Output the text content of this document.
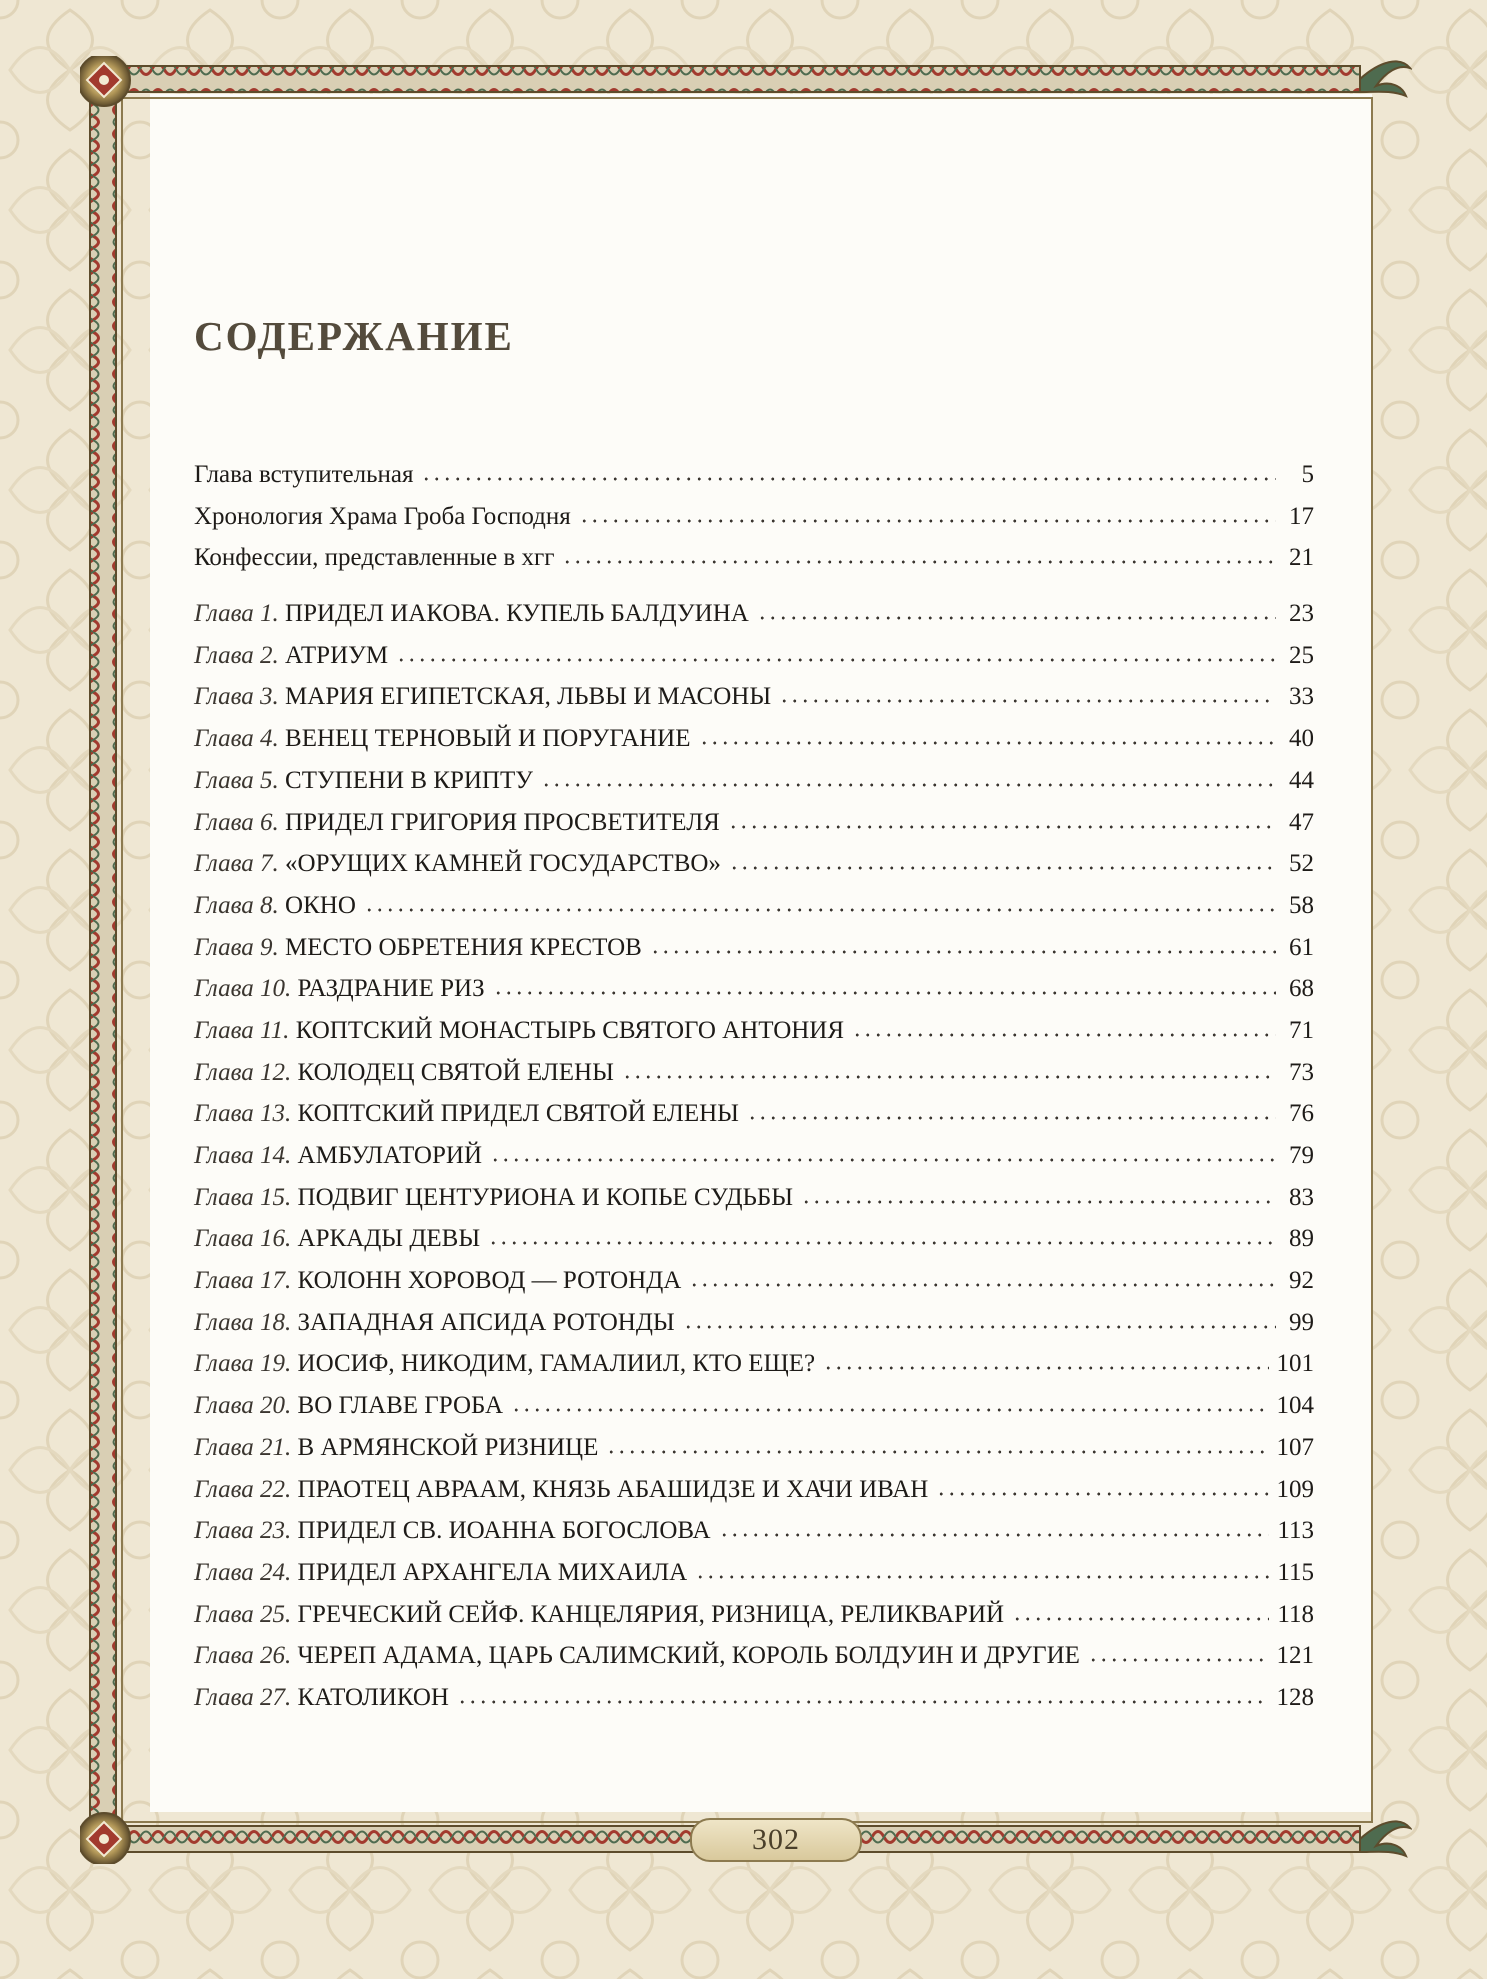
СОДЕРЖАНИЕ
Глава вступительная	5
Хронология Храма Гроба Господня	17
Конфессии, представленные в хгг	21
Глава 1. ПРИДЕЛ ИАКОВА. КУПЕЛЬ БАЛДУИНА	23
Глава 2. АТРИУМ	25
Глава 3. МАРИЯ ЕГИПЕТСКАЯ, ЛЬВЫ И МАСОНЫ	33
Глава 4. ВЕНЕЦ ТЕРНОВЫЙ И ПОРУГАНИЕ	40
Глава 5. СТУПЕНИ В КРИПТУ	44
Глава 6. ПРИДЕЛ ГРИГОРИЯ ПРОСВЕТИТЕЛЯ	47
Глава 7. «ОРУЩИХ КАМНЕЙ ГОСУДАРСТВО»	52
Глава 8. ОКНО	58
Глава 9. МЕСТО ОБРЕТЕНИЯ КРЕСТОВ	61
Глава 10. РАЗДРАНИЕ РИЗ	68
Глава 11. КОПТСКИЙ МОНАСТЫРЬ СВЯТОГО АНТОНИЯ	71
Глава 12. КОЛОДЕЦ СВЯТОЙ ЕЛЕНЫ	73
Глава 13. КОПТСКИЙ ПРИДЕЛ СВЯТОЙ ЕЛЕНЫ	76
Глава 14. АМБУЛАТОРИЙ	79
Глава 15. ПОДВИГ ЦЕНТУРИОНА И КОПЬЕ СУДЬБЫ	83
Глава 16. АРКАДЫ ДЕВЫ	89
Глава 17. КОЛОНН ХОРОВОД — РОТОНДА	92
Глава 18. ЗАПАДНАЯ АПСИДА РОТОНДЫ	99
Глава 19. ИОСИФ, НИКОДИМ, ГАМАЛИИЛ, КТО ЕЩЕ?	101
Глава 20. ВО ГЛАВЕ ГРОБА	104
Глава 21. В АРМЯНСКОЙ РИЗНИЦЕ	107
Глава 22. ПРАОТЕЦ АВРААМ, КНЯЗЬ АБАШИДЗЕ И ХАЧИ ИВАН	109
Глава 23. ПРИДЕЛ СВ. ИОАННА БОГОСЛОВА	113
Глава 24. ПРИДЕЛ АРХАНГЕЛА МИХАИЛА	115
Глава 25. ГРЕЧЕСКИЙ СЕЙФ. КАНЦЕЛЯРИЯ, РИЗНИЦА, РЕЛИКВАРИЙ	118
Глава 26. ЧЕРЕП АДАМА, ЦАРЬ САЛИМСКИЙ, КОРОЛЬ БОЛДУИН И ДРУГИЕ	121
Глава 27. КАТОЛИКОН	128
302
